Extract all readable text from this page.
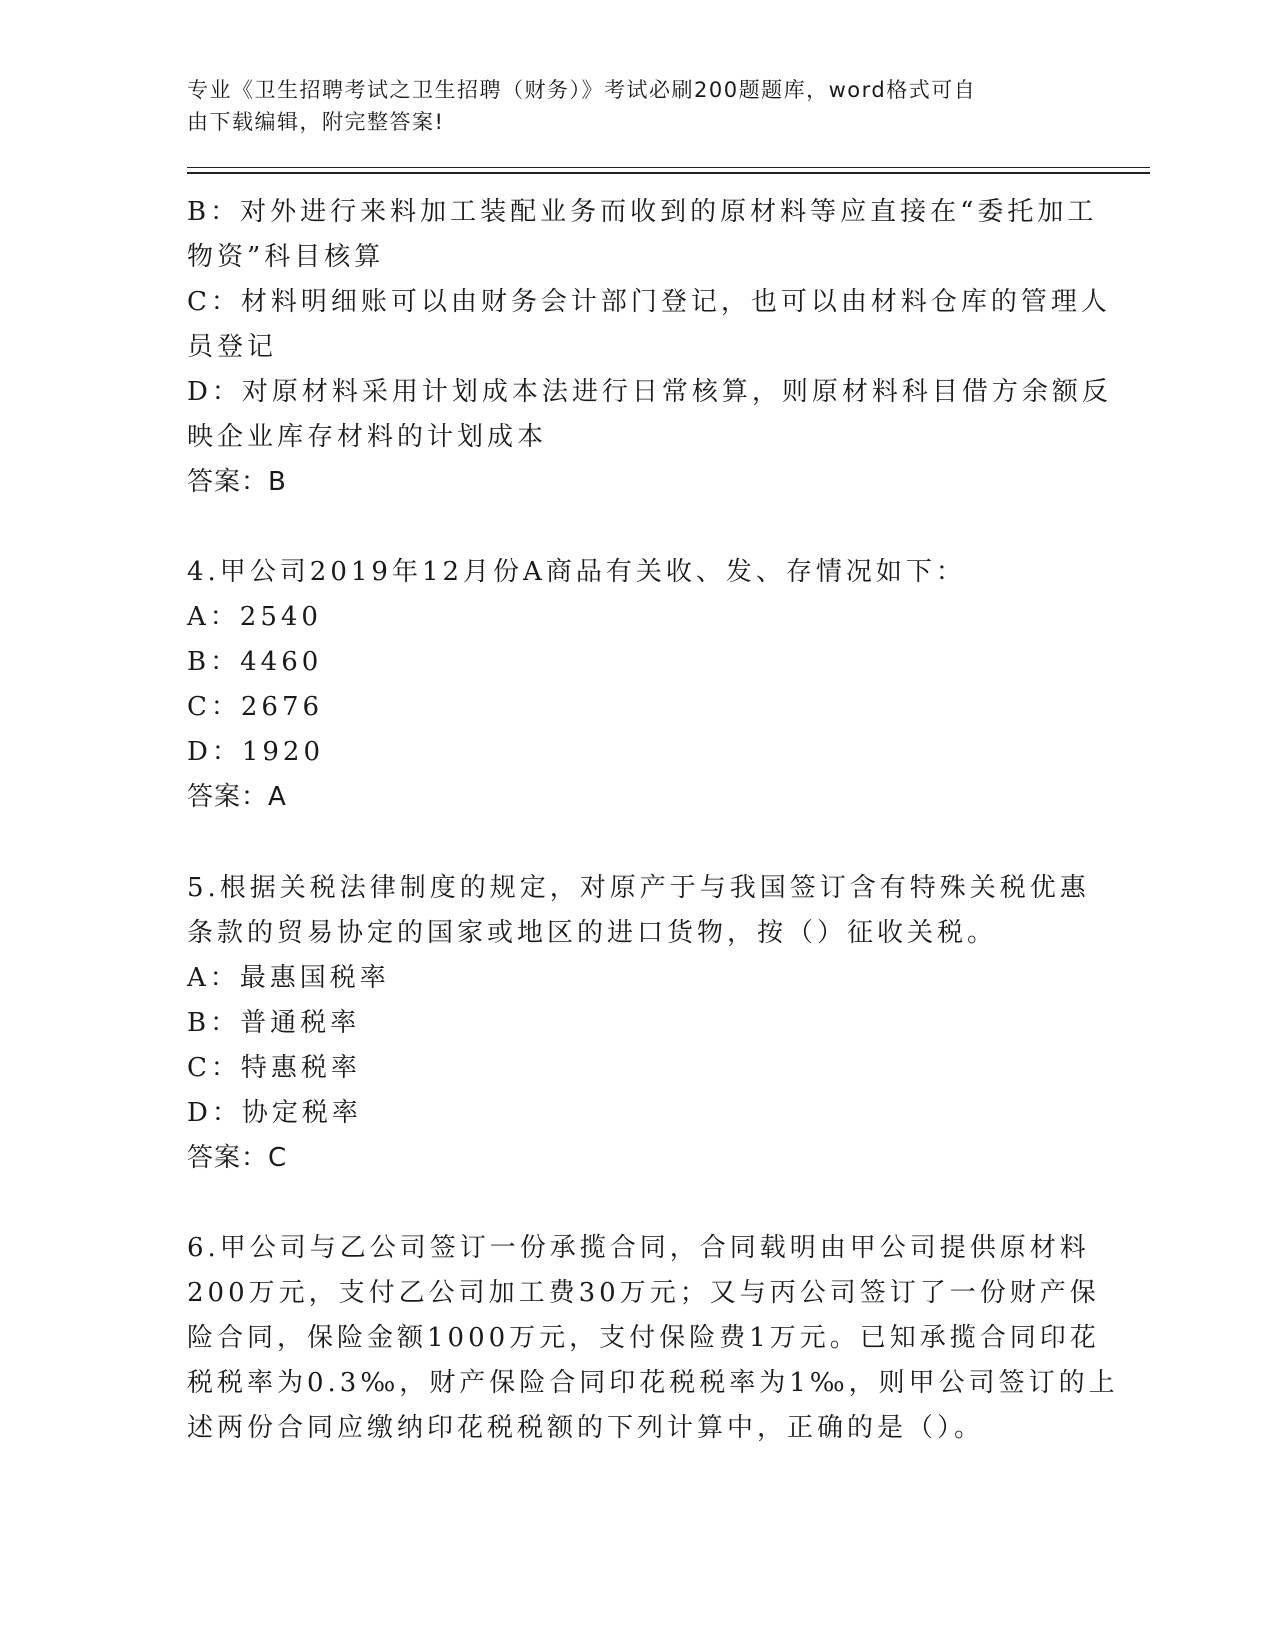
专业《卫生招聘考试之卫生招聘（财务）》考试必刷200题题库，word格式可自
由下载编辑，附完整答案!
B：对外进行来料加工装配业务而收到的原材料等应直接在“委托加工
物资”科目核算
C：材料明细账可以由财务会计部门登记，也可以由材料仓库的管理人
员登记
D：对原材料采用计划成本法进行日常核算，则原材料科目借方余额反
映企业库存材料的计划成本
答案：B
4.甲公司2019年12月份A商品有关收、发、存情况如下：
A：2540
B：4460
C：2676
D：1920
答案：A
5.根据关税法律制度的规定，对原产于与我国签订含有特殊关税优惠
条款的贸易协定的国家或地区的进口货物，按（）征收关税。
A：最惠国税率
B：普通税率
C：特惠税率
D：协定税率
答案：C
6.甲公司与乙公司签订一份承揽合同，合同载明由甲公司提供原材料
200万元，支付乙公司加工费30万元；又与丙公司签订了一份财产保
险合同，保险金额1000万元，支付保险费1万元。已知承揽合同印花
税税率为0.3‰，财产保险合同印花税税率为1‰，则甲公司签订的上
述两份合同应缴纳印花税税额的下列计算中，正确的是（）。
